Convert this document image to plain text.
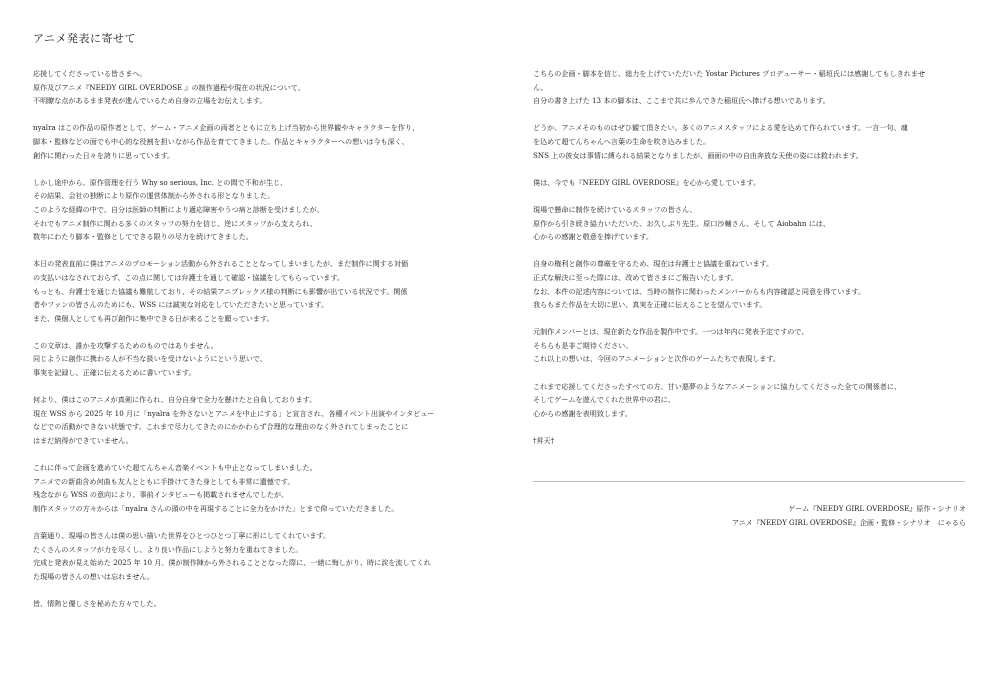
アニメ発表に寄せて
応援してくださっている皆さまへ。
原作及びアニメ『NEEDY GIRL OVERDOSE 』の制作過程や現在の状況について、
不明瞭な点があるまま発表が進んでいるため自身の立場をお伝えします。
nyalra はこの作品の原作者として、ゲーム・アニメ企画の両者とともに立ち上げ当初から世界観やキャラクターを作り、
脚本・監修などの面でも中心的な役割を担いながら作品を育ててきました。作品とキャラクターへの想いは今も深く、
創作に関わった日々を誇りに思っています。
しかし途中から、原作管理を行う Why so serious, Inc. との間で不和が生じ、
その結果、会社の独断により原作の運営体制から外される形となりました。
このような経緯の中で、自分は医師の判断により適応障害やうつ病と診断を受けましたが、
それでもアニメ制作に関わる多くのスタッフの努力を信じ、逆にスタッフから支えられ、
数年にわたり脚本・監修としてできる限りの尽力を続けてきました。
本日の発表直前に僕はアニメのプロモーション活動から外されることとなってしまいましたが、まだ制作に関する対価
の支払いはなされておらず、この点に関しては弁護士を通して確認・協議をしてもらっています。
もっとも、弁護士を通じた協議も難航しており、その結果アニプレックス様の判断にも影響が出ている状況です。関係
者やファンの皆さんのためにも、WSS には誠実な対応をしていただきたいと思っています。
また、僕個人としても再び創作に集中できる日が来ることを願っています。
この文章は、誰かを攻撃するためのものではありません。
同じように創作に携わる人が不当な扱いを受けないようにという思いで、
事実を記録し、正確に伝えるために書いています。
何より、僕はこのアニメが真剣に作られ、自分自身で全力を懸けたと自負しております。
現在 WSS から 2025 年 10 月に「nyalra を外さないとアニメを中止にする」と宣言され、各種イベント出演やインタビュー
などでの活動ができない状態です。これまで尽力してきたのにかかわらず合理的な理由のなく外されてしまったことに
はまだ納得ができていません。
これに伴って企画を進めていた超てんちゃん音楽イベントも中止となってしまいました。
アニメでの新曲含め何曲も友人とともに手掛けてきた身としても非常に遺憾です。
残念ながら WSS の意向により、事前インタビューも掲載されませんでしたが、
制作スタッフの方々からは「nyalra さんの頭の中を再現することに全力をかけた」とまで仰っていただきました。
言葉通り、現場の皆さんは僕の思い描いた世界をひとつひとつ丁寧に形にしてくれています。
たくさんのスタッフが力を尽くし、より良い作品にしようと努力を重ねてきました。
完成と発表が見え始めた 2025 年 10 月、僕が制作陣から外されることとなった際に、一緒に悔しがり、時に涙を流してくれ
た現場の皆さんの想いは忘れません。
皆、情熱と優しさを秘めた方々でした。
こちらの企画・脚本を信じ、総力を上げていただいた Yostar Pictures プロデューサー・稲垣氏には感謝してもしきれませ
ん。
自分の書き上げた 13 本の脚本は、ここまで共に歩んできた稲垣氏へ捧げる想いであります。
どうか、アニメそのものはぜひ観て頂きたい。多くのアニメスタッフによる愛を込めて作られています。一言一句、魂
を込めて超てんちゃんへ言葉の生命を吹き込みました。
SNS 上の彼女は事情に縛られる結果となりましたが、画面の中の自由奔放な天使の姿には救われます。
僕は、今でも『NEEDY GIRL OVERDOSE』を心から愛しています。
現場で懸命に制作を続けているスタッフの皆さん、
原作から引き続き協力いただいた、お久しぶり先生、原口沙輔さん、そして Aiobahn には、
心からの感謝と敬意を捧げています。
自身の権利と創作の尊厳を守るため、現在は弁護士と協議を重ねています。
正式な解決に至った際には、改めて皆さまにご報告いたします。
なお、本件の記述内容については、当時の制作に関わったメンバーからも内容確認と同意を得ています。
我らもまた作品を大切に思い、真実を正確に伝えることを望んでいます。
元制作メンバーとは、現在新たな作品を製作中です。一つは年内に発表予定ですので、
そちらも是非ご期待ください。
これ以上の想いは、今回のアニメーションと次作のゲームたちで表現します。
これまで応援してくださったすべての方、甘い悪夢のようなアニメーションに協力してくださった全ての関係者に、
そしてゲームを遊んでくれた世界中の君に、
心からの感謝を表明致します。
†昇天†
ゲーム『NEEDY GIRL OVERDOSE』原作・シナリオ
アニメ『NEEDY GIRL OVERDOSE』企画・監修・シナリオ　にゃるら
